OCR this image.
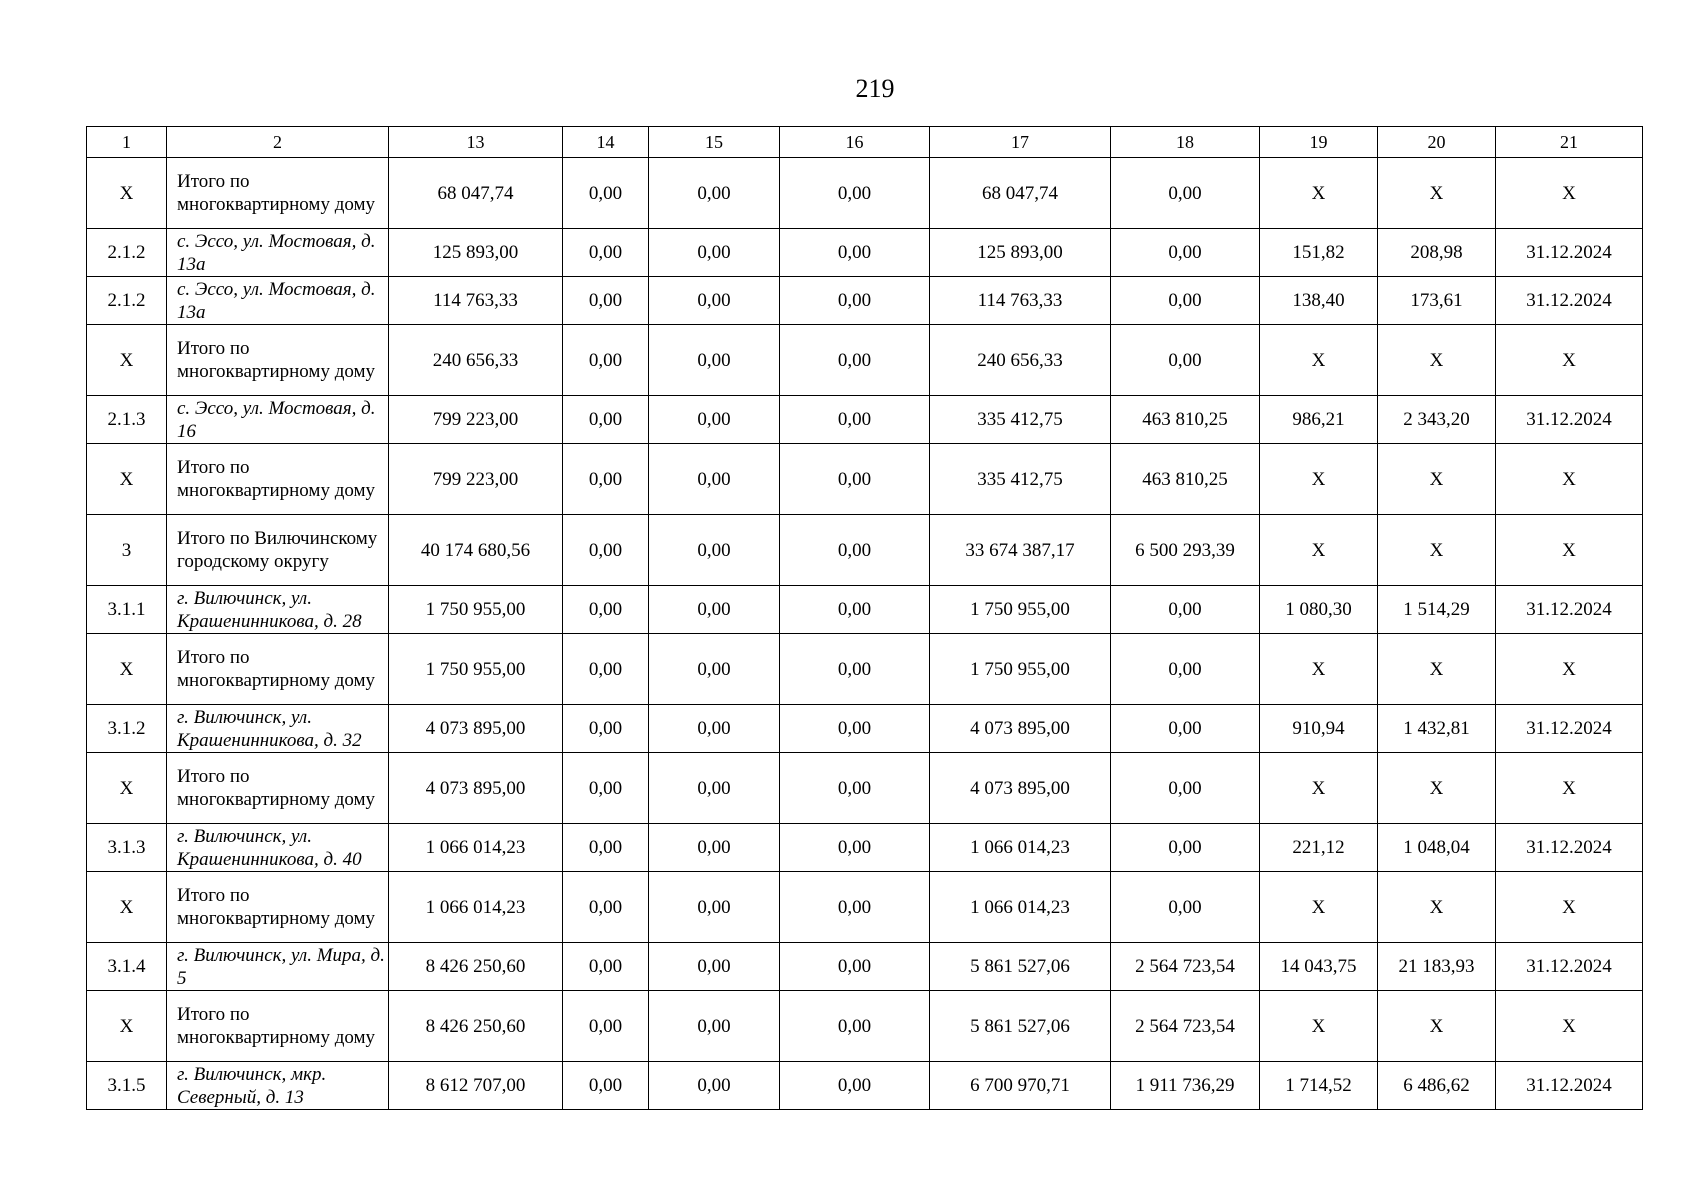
219
1	2	13	14	15	16	17	18	19	20	21
X	Итого по многоквартирному дому	68 047,74	0,00	0,00	0,00	68 047,74	0,00	X	X	X
2.1.2	с. Эссо, ул. Мостовая, д. 13а	125 893,00	0,00	0,00	0,00	125 893,00	0,00	151,82	208,98	31.12.2024
2.1.2	с. Эссо, ул. Мостовая, д. 13а	114 763,33	0,00	0,00	0,00	114 763,33	0,00	138,40	173,61	31.12.2024
X	Итого по многоквартирному дому	240 656,33	0,00	0,00	0,00	240 656,33	0,00	X	X	X
2.1.3	с. Эссо, ул. Мостовая, д. 16	799 223,00	0,00	0,00	0,00	335 412,75	463 810,25	986,21	2 343,20	31.12.2024
X	Итого по многоквартирному дому	799 223,00	0,00	0,00	0,00	335 412,75	463 810,25	X	X	X
3	Итого по Вилючинскому городскому округу	40 174 680,56	0,00	0,00	0,00	33 674 387,17	6 500 293,39	X	X	X
3.1.1	г. Вилючинск, ул. Крашенинникова, д. 28	1 750 955,00	0,00	0,00	0,00	1 750 955,00	0,00	1 080,30	1 514,29	31.12.2024
X	Итого по многоквартирному дому	1 750 955,00	0,00	0,00	0,00	1 750 955,00	0,00	X	X	X
3.1.2	г. Вилючинск, ул. Крашенинникова, д. 32	4 073 895,00	0,00	0,00	0,00	4 073 895,00	0,00	910,94	1 432,81	31.12.2024
X	Итого по многоквартирному дому	4 073 895,00	0,00	0,00	0,00	4 073 895,00	0,00	X	X	X
3.1.3	г. Вилючинск, ул. Крашенинникова, д. 40	1 066 014,23	0,00	0,00	0,00	1 066 014,23	0,00	221,12	1 048,04	31.12.2024
X	Итого по многоквартирному дому	1 066 014,23	0,00	0,00	0,00	1 066 014,23	0,00	X	X	X
3.1.4	г. Вилючинск, ул. Мира, д. 5	8 426 250,60	0,00	0,00	0,00	5 861 527,06	2 564 723,54	14 043,75	21 183,93	31.12.2024
X	Итого по многоквартирному дому	8 426 250,60	0,00	0,00	0,00	5 861 527,06	2 564 723,54	X	X	X
3.1.5	г. Вилючинск, мкр. Северный, д. 13	8 612 707,00	0,00	0,00	0,00	6 700 970,71	1 911 736,29	1 714,52	6 486,62	31.12.2024
